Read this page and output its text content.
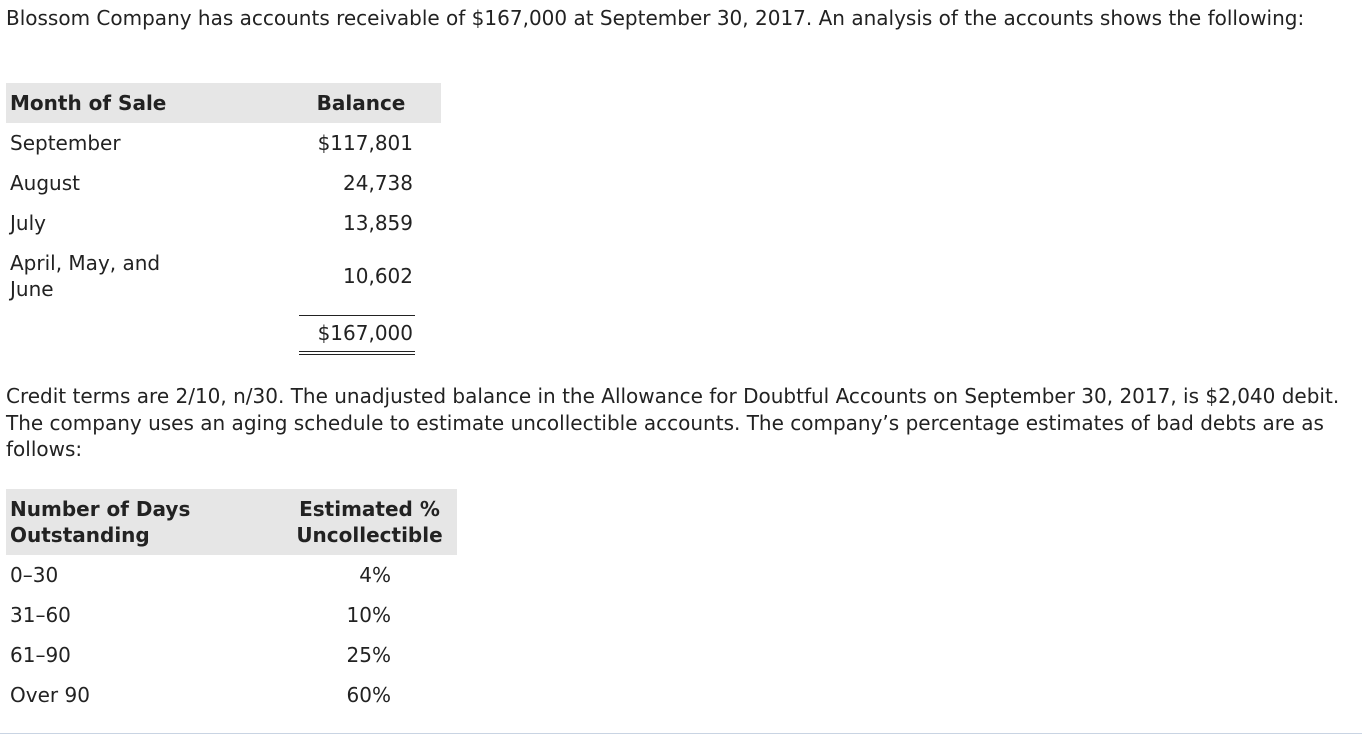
Blossom Company has accounts receivable of $167,000 at September 30, 2017. An analysis of the accounts shows the following:

Month of Sale	Balance
September	$117,801
August	24,738
July	13,859
April, May, and June	10,602

	$167,000

Credit terms are 2/10, n/30. The unadjusted balance in the Allowance for Doubtful Accounts on September 30, 2017, is $2,040 debit. The company uses an aging schedule to estimate uncollectible accounts. The company’s percentage estimates of bad debts are as follows:

Number of Days Outstanding	Estimated % Uncollectible
0–30	4%
31–60	10%
61–90	25%
Over 90	60%
